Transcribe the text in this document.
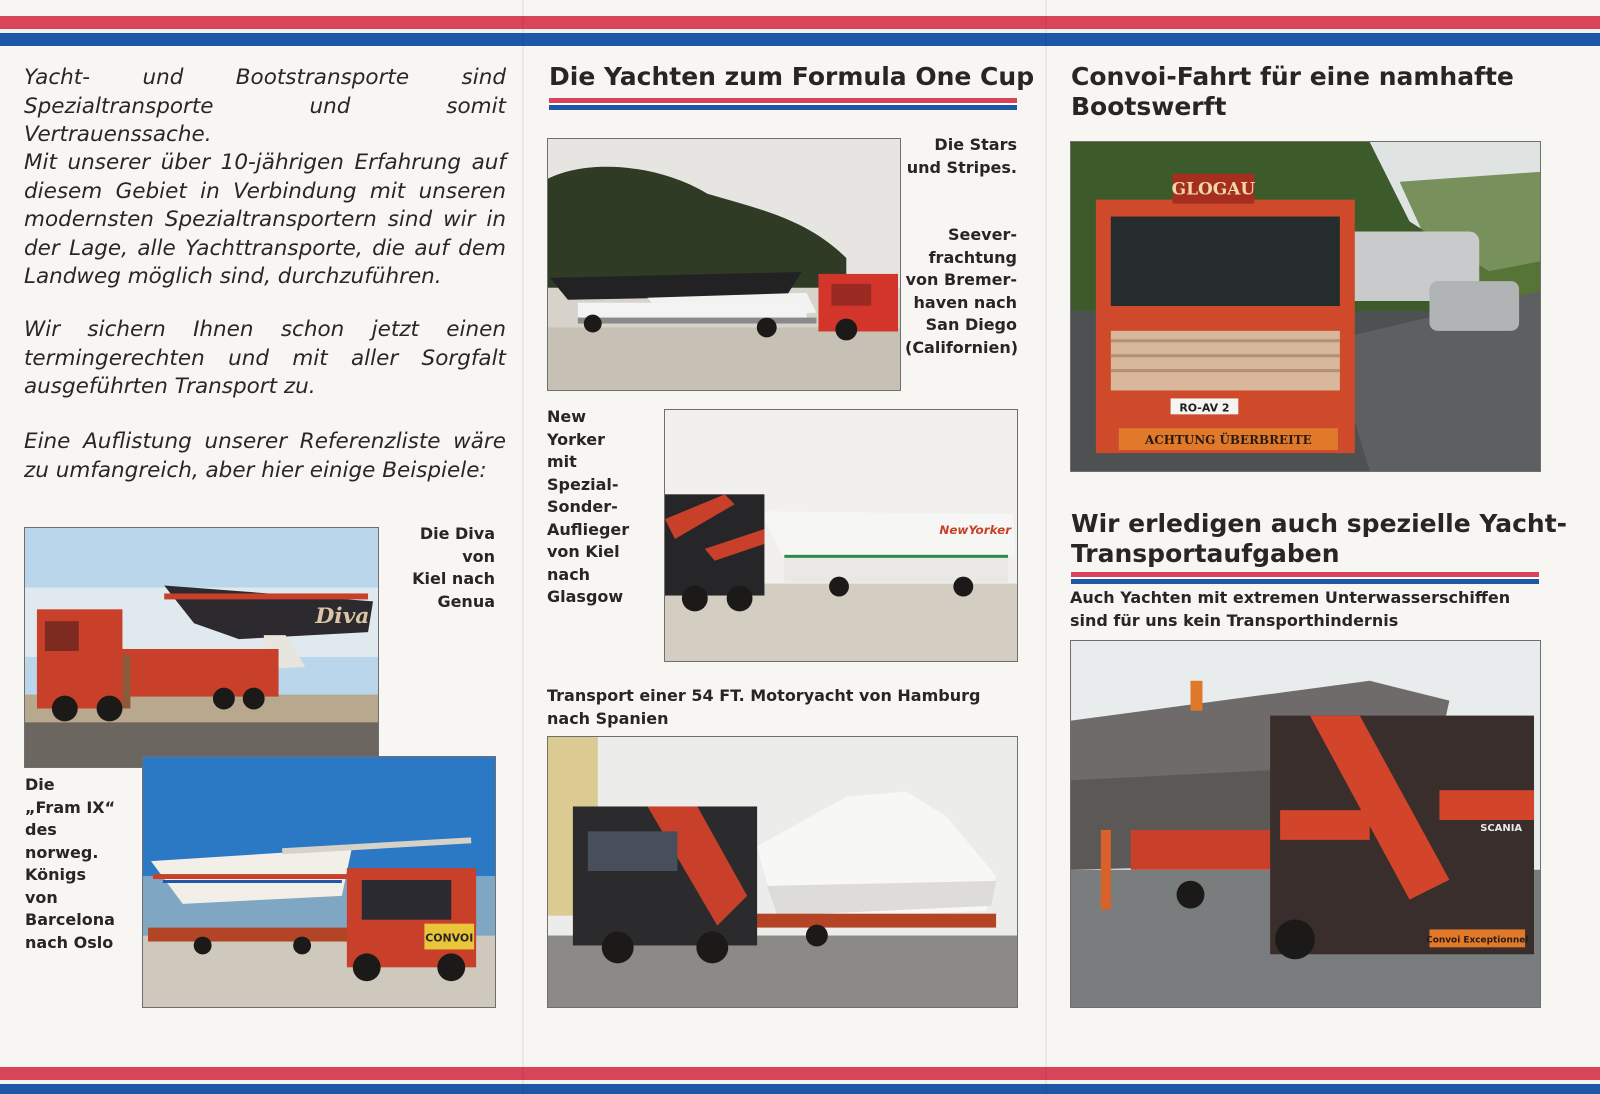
Yacht- und Bootstransporte sind Spezialtransporte und somit Vertrauenssache.

Mit unserer über 10-jährigen Erfahrung auf diesem Gebiet in Verbindung mit unseren modernsten Spezialtransportern sind wir in der Lage, alle Yachttransporte, die auf dem Landweg möglich sind, durchzuführen.

Wir sichern Ihnen schon jetzt einen termingerechten und mit aller Sorgfalt ausgeführten Transport zu.

Eine Auflistung unserer Referenzliste wäre zu umfangreich, aber hier einige Beispiele:

Diva
Die Diva
von
Kiel nach
Genua
Die
„Fram IX“
des
norweg.
Königs
von
Barcelona
nach Oslo	CONVOI
Die Yachten zum Formula One Cup
Die Stars
und Stripes.
Seever-
frachtung
von Bremer-
haven nach
San Diego
(Californien)
New
Yorker
mit
Spezial-
Sonder-
Auflieger
von Kiel
nach
Glasgow
NewYorker
Transport einer 54 FT. Motoryacht von Hamburg
nach Spanien
Convoi-Fahrt für eine namhafte
Bootswerft
GLOGAU
RO-AV 2
ACHTUNG ÜBERBREITE
Wir erledigen auch spezielle Yacht-
Transportaufgaben
Auch Yachten mit extremen Unterwasserschiffen
sind für uns kein Transporthindernis
SCANIA
Convoi Exceptionnel
